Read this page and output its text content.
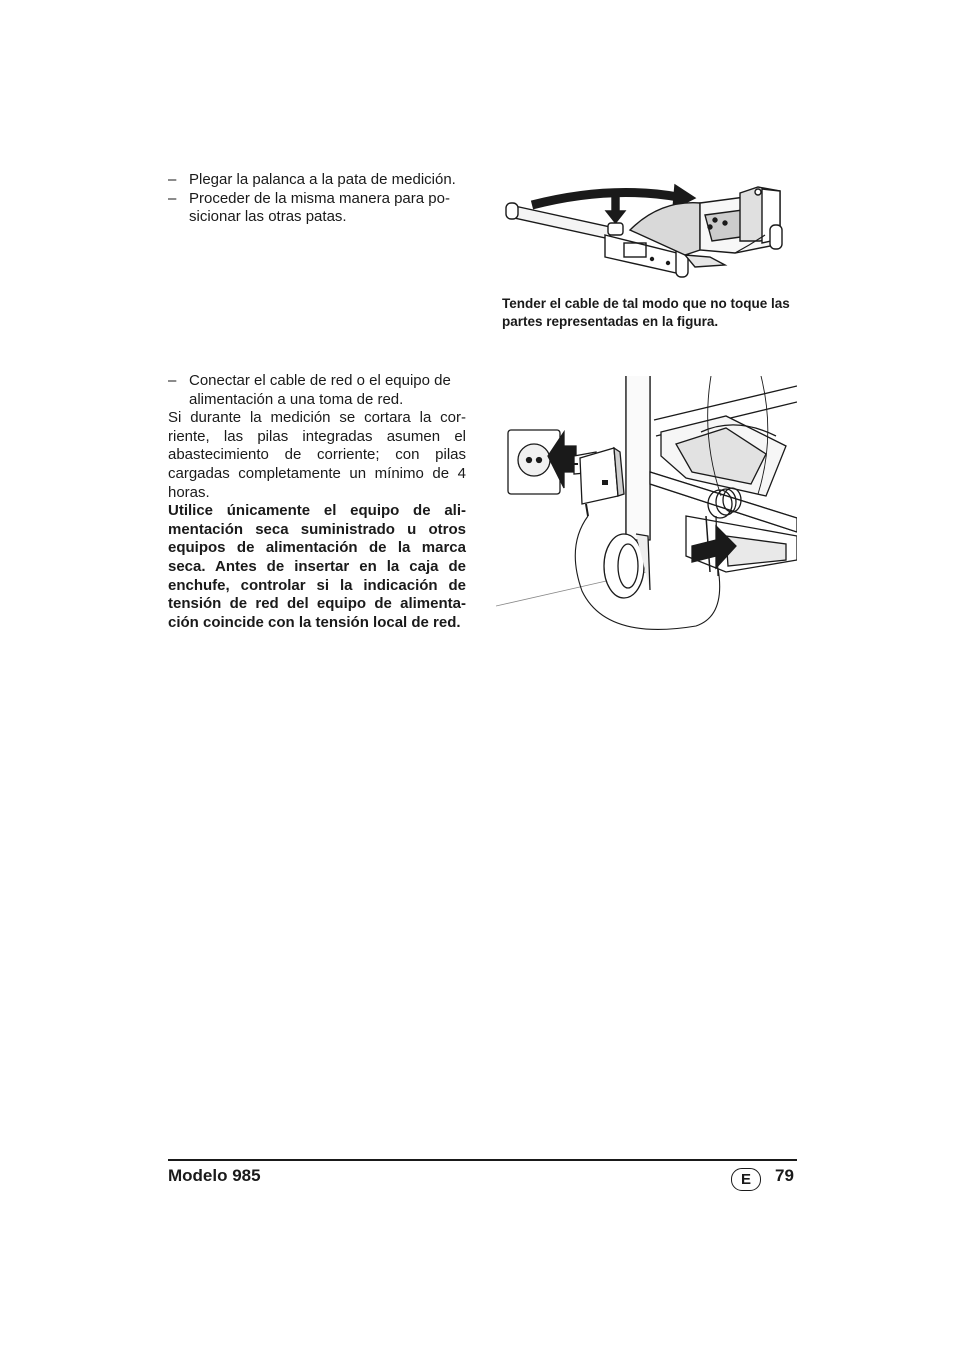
– Plegar la palanca a la pata de medición.
– Proceder de la misma manera para po-sicionar las otras patas.
Tender el cable de tal modo que no toque las partes representadas en la figura.
– Conectar el cable de red o el equipo de alimentación a una toma de red.
Si durante la medición se cortara la cor-riente, las pilas integradas asumen el abastecimiento de corriente; con pilas cargadas completamente un mínimo de 4 horas.
Utilice únicamente el equipo de ali-mentación seca suministrado u otros equipos de alimentación de la marca seca. Antes de insertar en la caja de enchufe, controlar si la indicación de tensión de red del equipo de alimenta-ción coincide con la tensión local de red.
Modelo 985	E	79
